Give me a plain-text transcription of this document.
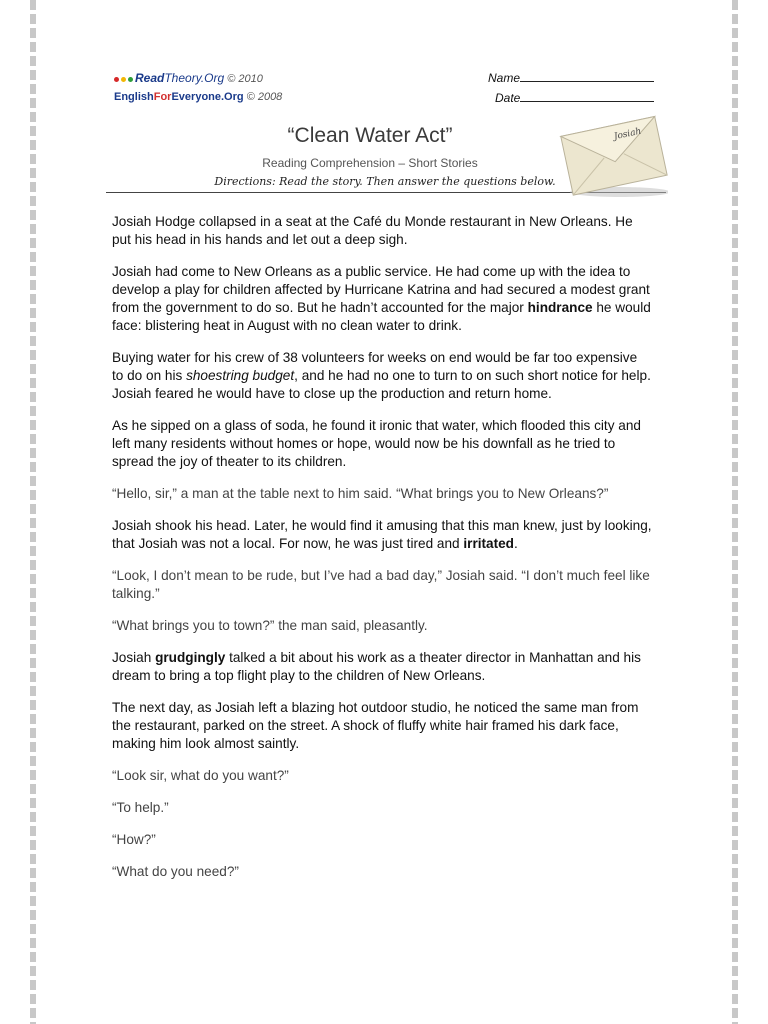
ReadTheory.Org © 2010
EnglishForEveryone.Org © 2008
Name
Date
“Clean Water Act”
Reading Comprehension – Short Stories
Directions: Read the story. Then answer the questions below.
Josiah

Josiah Hodge collapsed in a seat at the Café du Monde restaurant in New Orleans. He put his head in his hands and let out a deep sigh.

Josiah had come to New Orleans as a public service. He had come up with the idea to develop a play for children affected by Hurricane Katrina and had secured a modest grant from the government to do so. But he hadn’t accounted for the major hindrance he would face: blistering heat in August with no clean water to drink.

Buying water for his crew of 38 volunteers for weeks on end would be far too expensive to do on his shoestring budget, and he had no one to turn to on such short notice for help. Josiah feared he would have to close up the production and return home.

As he sipped on a glass of soda, he found it ironic that water, which flooded this city and left many residents without homes or hope, would now be his downfall as he tried to spread the joy of theater to its children.

“Hello, sir,” a man at the table next to him said. “What brings you to New Orleans?”

Josiah shook his head. Later, he would find it amusing that this man knew, just by looking, that Josiah was not a local. For now, he was just tired and irritated.

“Look, I don’t mean to be rude, but I’ve had a bad day,” Josiah said. “I don’t much feel like talking.”

“What brings you to town?” the man said, pleasantly.

Josiah grudgingly talked a bit about his work as a theater director in Manhattan and his dream to bring a top flight play to the children of New Orleans.

The next day, as Josiah left a blazing hot outdoor studio, he noticed the same man from the restaurant, parked on the street. A shock of fluffy white hair framed his dark face, making him look almost saintly.

“Look sir, what do you want?”

“To help.”

“How?”

“What do you need?”
